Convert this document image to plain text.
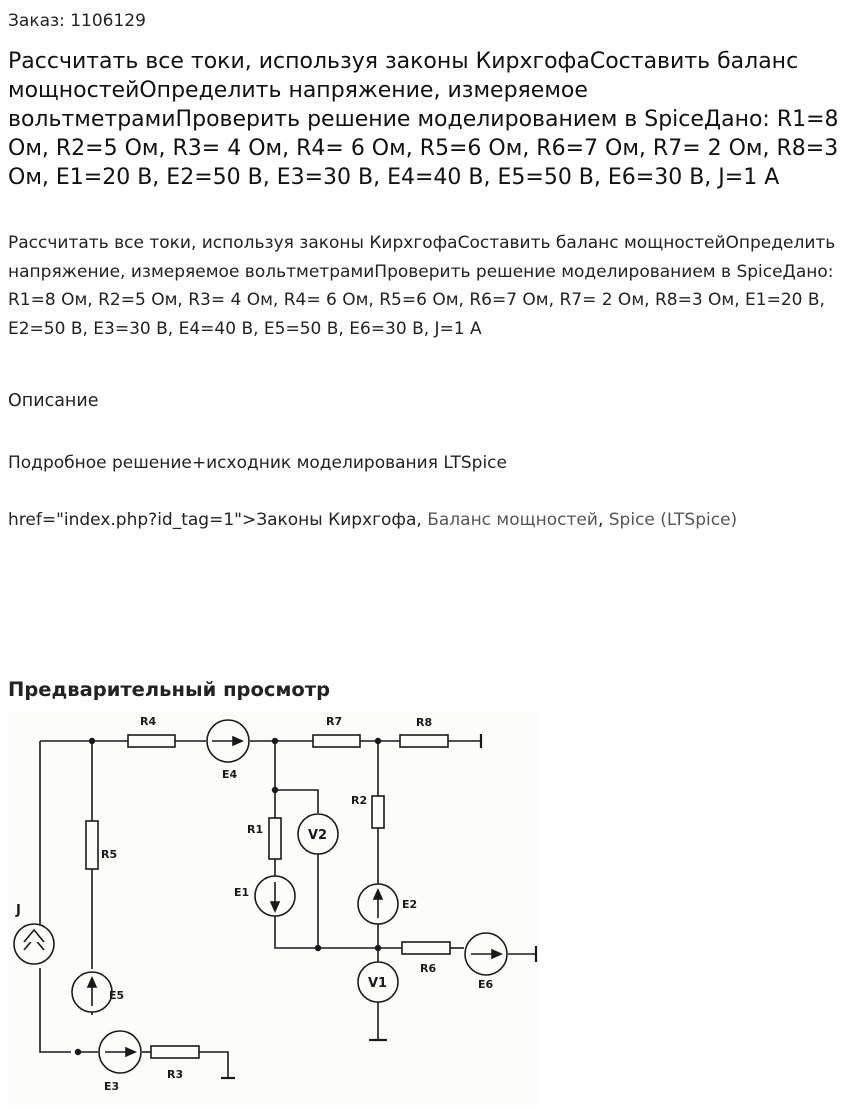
Заказ: 1106129
Рассчитать все токи, используя законы КирхгофаСоставить баланс мощностейОпределить напряжение, измеряемое вольтметрамиПроверить решение моделированием в SpiceДано: R1=8 Ом, R2=5 Ом, R3= 4 Ом, R4= 6 Ом, R5=6 Ом, R6=7 Ом, R7= 2 Ом, R8=3 Ом, E1=20 В, E2=50 В, E3=30 В, E4=40 В, E5=50 В, E6=30 В, J=1 А
Рассчитать все токи, используя законы КирхгофаСоставить баланс мощностейОпределить напряжение, измеряемое вольтметрамиПроверить решение моделированием в SpiceДано: R1=8 Ом, R2=5 Ом, R3= 4 Ом, R4= 6 Ом, R5=6 Ом, R6=7 Ом, R7= 2 Ом, R8=3 Ом, E1=20 В, E2=50 В, E3=30 В, E4=40 В, E5=50 В, E6=30 В, J=1 А
Описание
Подробное решение+исходник моделирования LTSpice
href="index.php?id_tag=1">Законы Кирхгофа, Баланс мощностей, Spice (LTSpice)
Предварительный просмотр
R4	R7	R8
E4
R5
R1
R2
E1
E2
J
E5
R6
E6
R3
E3
V2
V1
